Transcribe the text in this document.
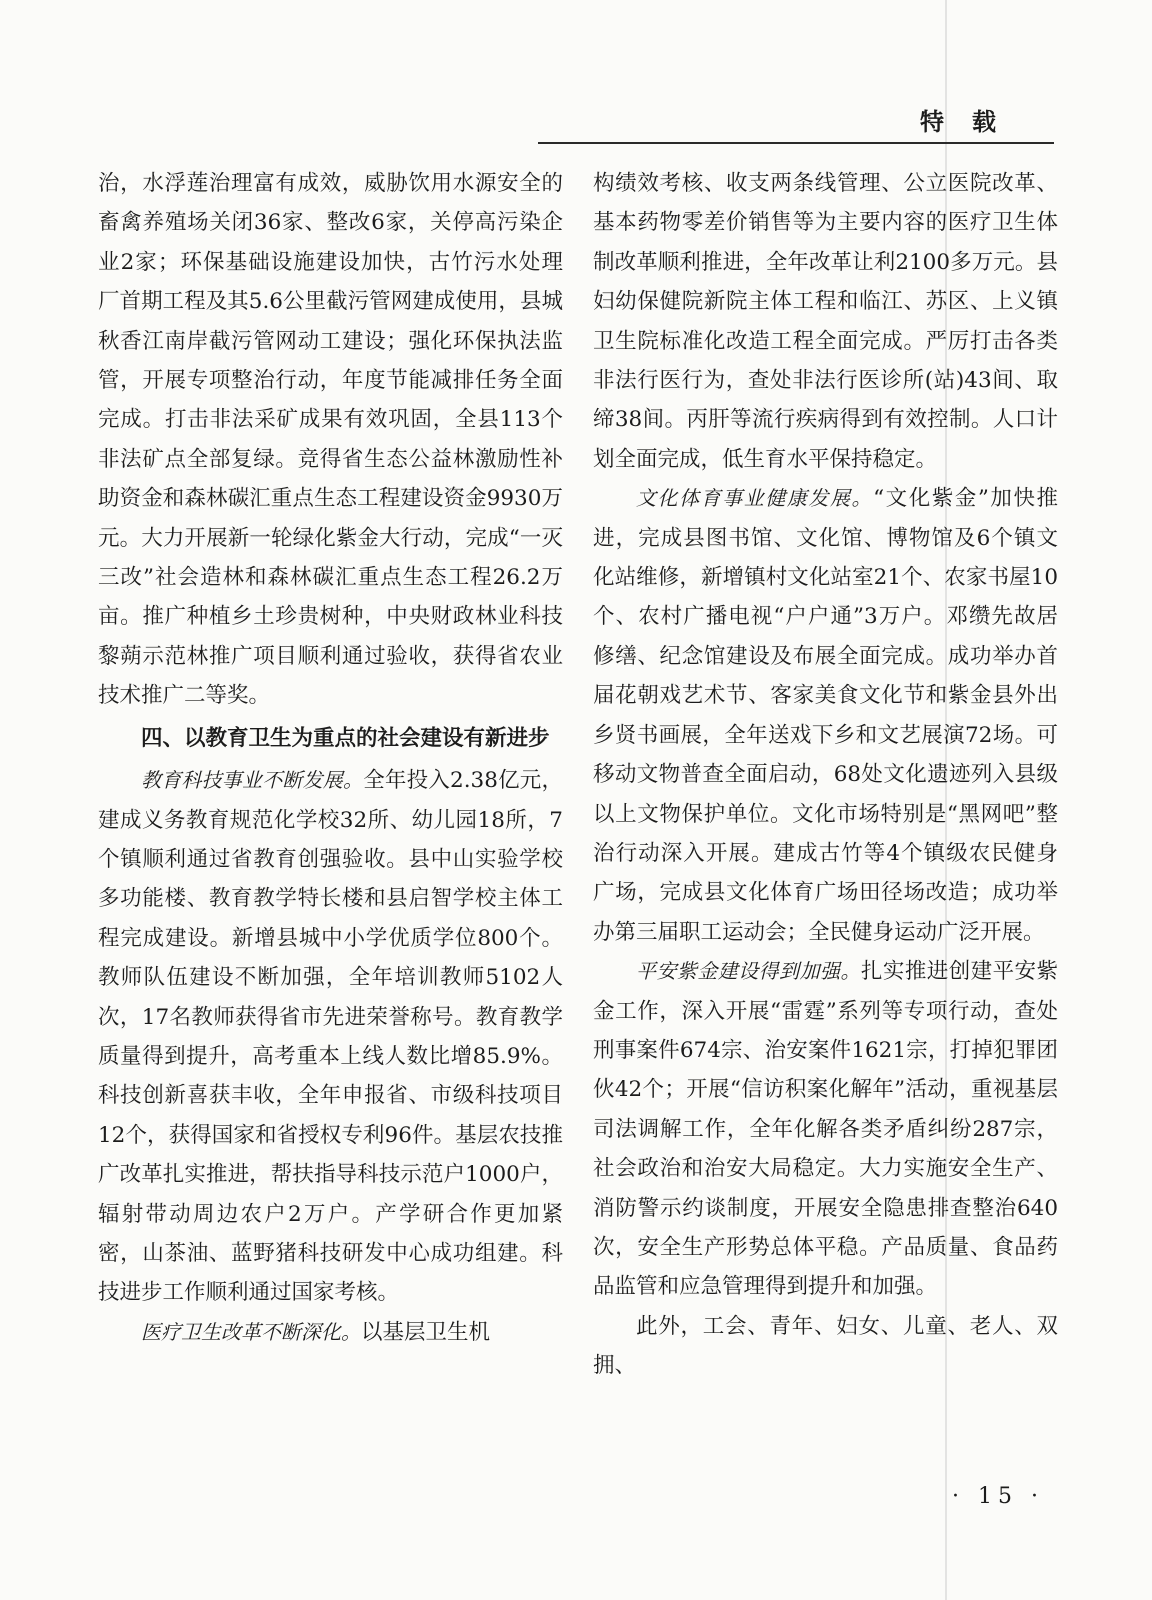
特载

治，水浮莲治理富有成效，威胁饮用水源安全的畜禽养殖场关闭36家、整改6家，关停高污染企业2家；环保基础设施建设加快，古竹污水处理厂首期工程及其5.6公里截污管网建成使用，县城秋香江南岸截污管网动工建设；强化环保执法监管，开展专项整治行动，年度节能减排任务全面完成。打击非法采矿成果有效巩固，全县113个非法矿点全部复绿。竞得省生态公益林激励性补助资金和森林碳汇重点生态工程建设资金9930万元。大力开展新一轮绿化紫金大行动，完成“一灭三改”社会造林和森林碳汇重点生态工程26.2万亩。推广种植乡土珍贵树种，中央财政林业科技黎蒴示范林推广项目顺利通过验收，获得省农业技术推广二等奖。

四、以教育卫生为重点的社会建设有新进步

教育科技事业不断发展。全年投入2.38亿元，建成义务教育规范化学校32所、幼儿园18所，7个镇顺利通过省教育创强验收。县中山实验学校多功能楼、教育教学特长楼和县启智学校主体工程完成建设。新增县城中小学优质学位800个。教师队伍建设不断加强，全年培训教师5102人次，17名教师获得省市先进荣誉称号。教育教学质量得到提升，高考重本上线人数比增85.9%。科技创新喜获丰收，全年申报省、市级科技项目12个，获得国家和省授权专利96件。基层农技推广改革扎实推进，帮扶指导科技示范户1000户，辐射带动周边农户2万户。产学研合作更加紧密，山茶油、蓝野猪科技研发中心成功组建。科技进步工作顺利通过国家考核。

医疗卫生改革不断深化。以基层卫生机

构绩效考核、收支两条线管理、公立医院改革、基本药物零差价销售等为主要内容的医疗卫生体制改革顺利推进，全年改革让利2100多万元。县妇幼保健院新院主体工程和临江、苏区、上义镇卫生院标准化改造工程全面完成。严厉打击各类非法行医行为，查处非法行医诊所(站)43间、取缔38间。丙肝等流行疾病得到有效控制。人口计划全面完成，低生育水平保持稳定。

文化体育事业健康发展。“文化紫金”加快推进，完成县图书馆、文化馆、博物馆及6个镇文化站维修，新增镇村文化站室21个、农家书屋10个、农村广播电视“户户通”3万户。邓缵先故居修缮、纪念馆建设及布展全面完成。成功举办首届花朝戏艺术节、客家美食文化节和紫金县外出乡贤书画展，全年送戏下乡和文艺展演72场。可移动文物普查全面启动，68处文化遗迹列入县级以上文物保护单位。文化市场特别是“黑网吧”整治行动深入开展。建成古竹等4个镇级农民健身广场，完成县文化体育广场田径场改造；成功举办第三届职工运动会；全民健身运动广泛开展。

平安紫金建设得到加强。扎实推进创建平安紫金工作，深入开展“雷霆”系列等专项行动，查处刑事案件674宗、治安案件1621宗，打掉犯罪团伙42个；开展“信访积案化解年”活动，重视基层司法调解工作，全年化解各类矛盾纠纷287宗，社会政治和治安大局稳定。大力实施安全生产、消防警示约谈制度，开展安全隐患排查整治640次，安全生产形势总体平稳。产品质量、食品药品监管和应急管理得到提升和加强。

此外，工会、青年、妇女、儿童、老人、双拥、

· 15 ·
